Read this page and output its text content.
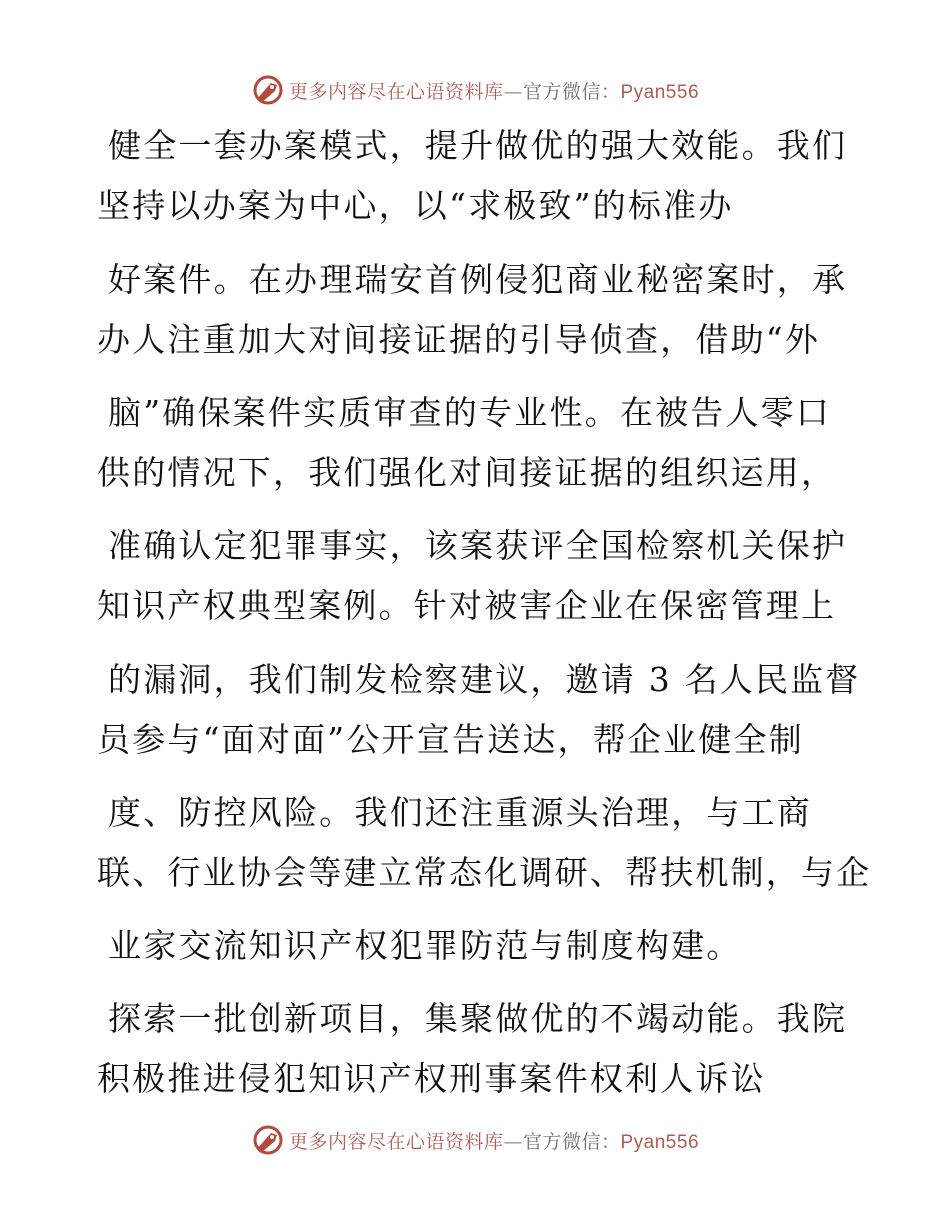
更多内容尽在心语资料库—官方微信：Pyan556
健全一套办案模式，提升做优的强大效能。我们
坚持以办案为中心，以“求极致”的标准办
好案件。在办理瑞安首例侵犯商业秘密案时，承
办人注重加大对间接证据的引导侦查，借助“外
脑”确保案件实质审查的专业性。在被告人零口
供的情况下，我们强化对间接证据的组织运用，
准确认定犯罪事实，该案获评全国检察机关保护
知识产权典型案例。针对被害企业在保密管理上
的漏洞，我们制发检察建议，邀请 3 名人民监督
员参与“面对面”公开宣告送达，帮企业健全制
度、防控风险。我们还注重源头治理，与工商
联、行业协会等建立常态化调研、帮扶机制，与企
业家交流知识产权犯罪防范与制度构建。
探索一批创新项目，集聚做优的不竭动能。我院
积极推进侵犯知识产权刑事案件权利人诉讼
更多内容尽在心语资料库—官方微信：Pyan556
